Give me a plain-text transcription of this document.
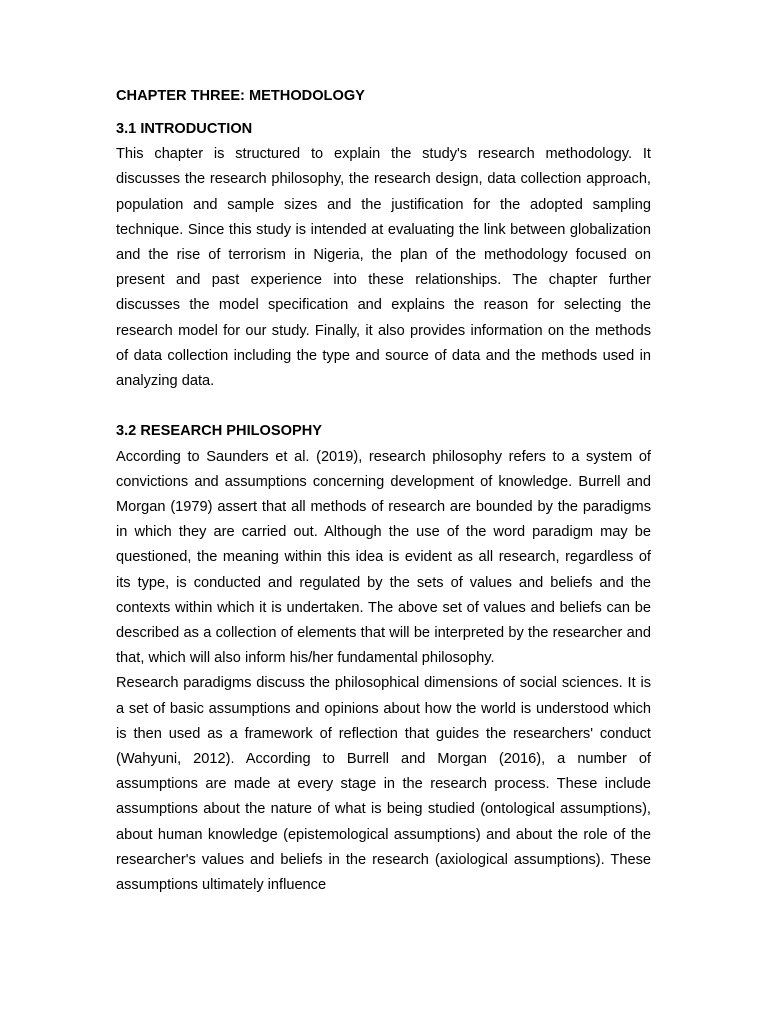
CHAPTER THREE: METHODOLOGY
3.1 INTRODUCTION

This chapter is structured to explain the study's research methodology. It discusses the research philosophy, the research design, data collection approach, population and sample sizes and the justification for the adopted sampling technique. Since this study is intended at evaluating the link between globalization and the rise of terrorism in Nigeria, the plan of the methodology focused on present and past experience into these relationships. The chapter further discusses the model specification and explains the reason for selecting the research model for our study. Finally, it also provides information on the methods of data collection including the type and source of data and the methods used in analyzing data.

3.2 RESEARCH PHILOSOPHY

According to Saunders et al. (2019), research philosophy refers to a system of convictions and assumptions concerning development of knowledge. Burrell and Morgan (1979) assert that all methods of research are bounded by the paradigms in which they are carried out. Although the use of the word paradigm may be questioned, the meaning within this idea is evident as all research, regardless of its type, is conducted and regulated by the sets of values and beliefs and the contexts within which it is undertaken. The above set of values and beliefs can be described as a collection of elements that will be interpreted by the researcher and that, which will also inform his/her fundamental philosophy.

Research paradigms discuss the philosophical dimensions of social sciences. It is a set of basic assumptions and opinions about how the world is understood which is then used as a framework of reflection that guides the researchers' conduct (Wahyuni, 2012). According to Burrell and Morgan (2016), a number of assumptions are made at every stage in the research process. These include assumptions about the nature of what is being studied (ontological assumptions), about human knowledge (epistemological assumptions) and about the role of the researcher's values and beliefs in the research (axiological assumptions). These assumptions ultimately influence
